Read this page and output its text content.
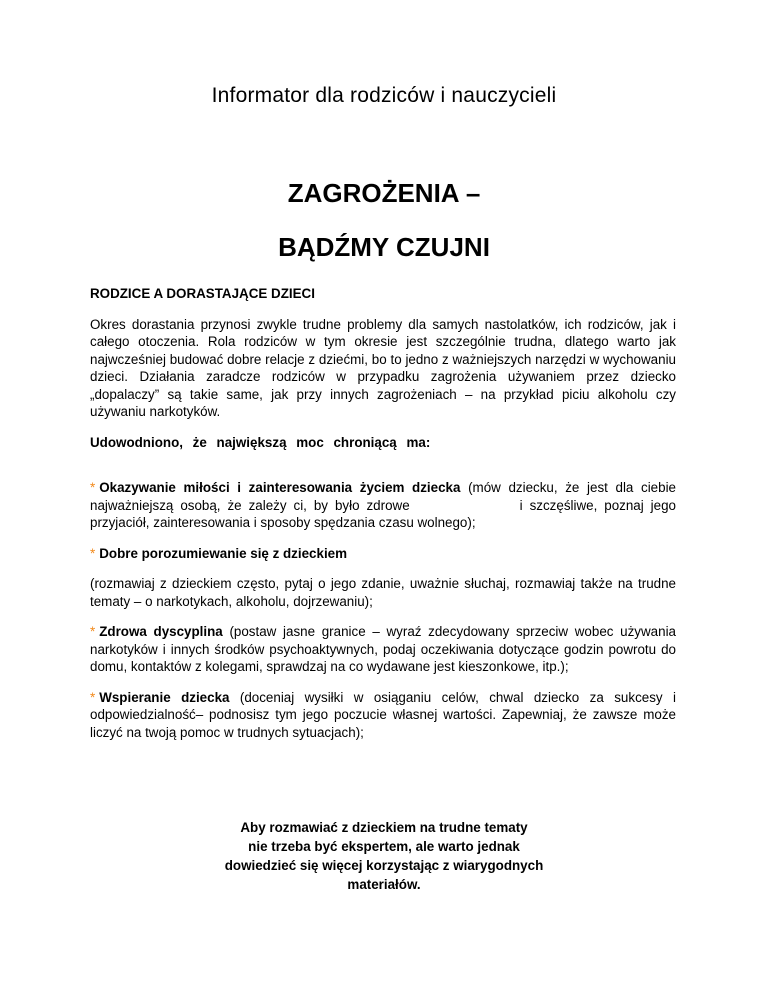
Informator dla rodziców i nauczycieli
ZAGROŻENIA –
BĄDŹMY CZUJNI
RODZICE A DORASTAJĄCE DZIECI

Okres dorastania przynosi zwykle trudne problemy dla samych nastolatków, ich rodziców, jak i całego otoczenia. Rola rodziców w tym okresie jest szczególnie trudna, dlatego warto jak najwcześniej budować dobre relacje z dziećmi, bo to jedno z ważniejszych narzędzi w wychowaniu dzieci. Działania zaradcze rodziców w przypadku zagrożenia używaniem przez dziecko „dopalaczy” są takie same, jak przy innych zagrożeniach – na przykład piciu alkoholu czy używaniu narkotyków.

Udowodniono, że największą moc chroniącą ma:

* Okazywanie miłości i zainteresowania życiem dziecka (mów dziecku, że jest dla ciebie najważniejszą osobą, że zależy ci, by było zdrowe	i szczęśliwe, poznaj jego przyjaciół, zainteresowania i sposoby spędzania czasu wolnego);

* Dobre porozumiewanie się z dzieckiem

(rozmawiaj z dzieckiem często, pytaj o jego zdanie, uważnie słuchaj, rozmawiaj także na trudne tematy – o narkotykach, alkoholu, dojrzewaniu);

* Zdrowa dyscyplina (postaw jasne granice – wyraź zdecydowany sprzeciw wobec używania narkotyków i innych środków psychoaktywnych, podaj oczekiwania dotyczące godzin powrotu do domu, kontaktów z kolegami, sprawdzaj na co wydawane jest kieszonkowe, itp.);

* Wspieranie dziecka (doceniaj wysiłki w osiąganiu celów, chwal dziecko za sukcesy i odpowiedzialność– podnosisz tym jego poczucie własnej wartości. Zapewniaj, że zawsze może liczyć na twoją pomoc w trudnych sytuacjach);

Aby rozmawiać z dzieckiem na trudne tematy
nie trzeba być ekspertem, ale warto jednak
dowiedzieć się więcej korzystając z wiarygodnych
materiałów.
